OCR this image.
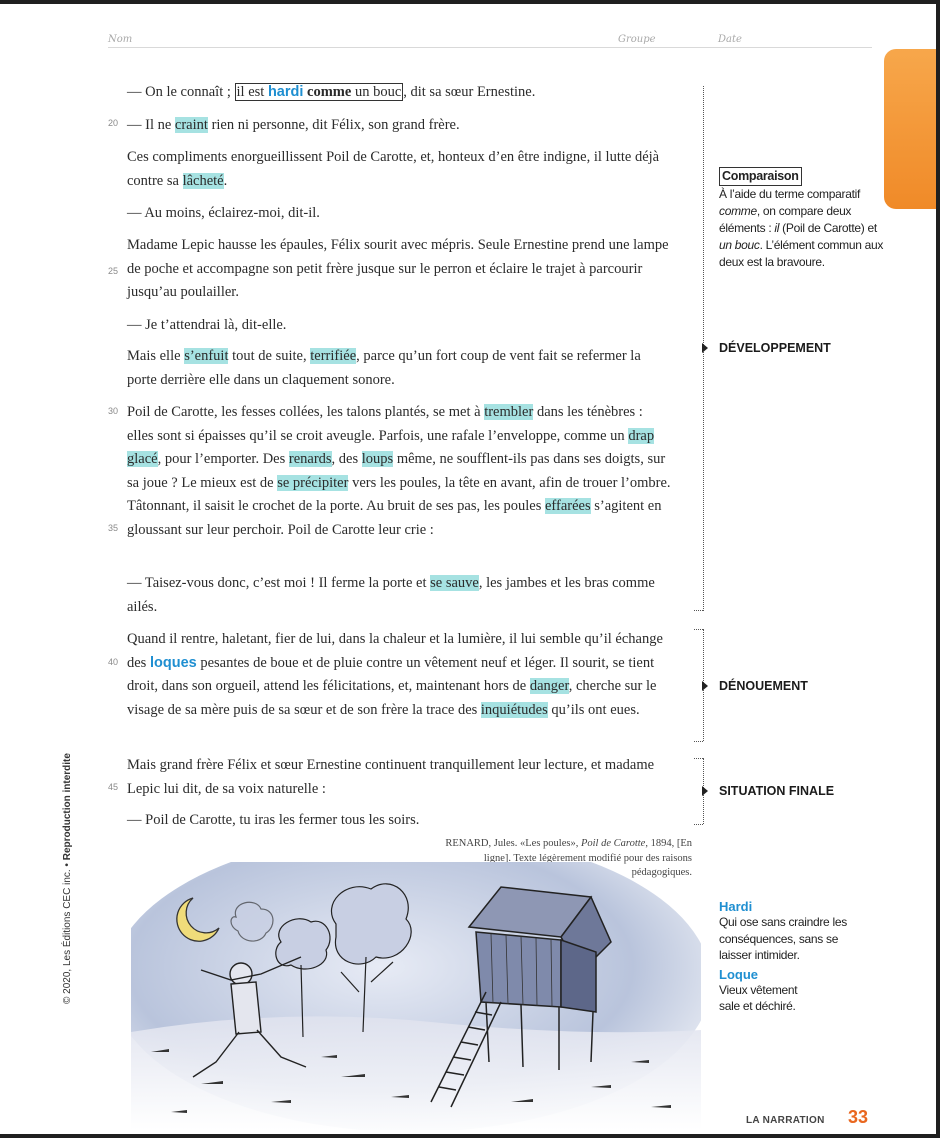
Nom	Groupe	Date
20
25
30
35
40
45

— On le connaît ; il est hardi comme un bouc , dit sa sœur Ernestine.

— Il ne craint rien ni personne, dit Félix, son grand frère.

Ces compliments enorgueillissent Poil de Carotte, et, honteux d’en être indigne, il lutte déjà contre sa lâcheté.

— Au moins, éclairez-moi, dit-il.

Madame Lepic hausse les épaules, Félix sourit avec mépris. Seule Ernestine prend une lampe de poche et accompagne son petit frère jusque sur le perron et éclaire le trajet à parcourir jusqu’au poulailler.

— Je t’attendrai là, dit-elle.

Mais elle s’enfuit tout de suite, terrifiée, parce qu’un fort coup de vent fait se refermer la porte derrière elle dans un claquement sonore.

Poil de Carotte, les fesses collées, les talons plantés, se met à trembler dans les ténèbres : elles sont si épaisses qu’il se croit aveugle. Parfois, une rafale l’enveloppe, comme un drap glacé, pour l’emporter. Des renards, des loups même, ne soufflent-ils pas dans ses doigts, sur sa joue ? Le mieux est de se précipiter vers les poules, la tête en avant, afin de trouer l’ombre. Tâtonnant, il saisit le crochet de la porte. Au bruit de ses pas, les poules effarées s’agitent en gloussant sur leur perchoir. Poil de Carotte leur crie :

— Taisez-vous donc, c’est moi ! Il ferme la porte et se sauve, les jambes et les bras comme ailés.

Quand il rentre, haletant, fier de lui, dans la chaleur et la lumière, il lui semble qu’il échange des loques pesantes de boue et de pluie contre un vêtement neuf et léger. Il sourit, se tient droit, dans son orgueil, attend les félicitations, et, maintenant hors de danger, cherche sur le visage de sa mère puis de sa sœur et de son frère la trace des inquiétudes qu’ils ont eues.

Mais grand frère Félix et sœur Ernestine continuent tranquillement leur lecture, et madame Lepic lui dit, de sa voix naturelle :

— Poil de Carotte, tu iras les fermer tous les soirs.

DÉVELOPPEMENT
DÉNOUEMENT
SITUATION FINALE
Comparaison
À l’aide du terme comparatif comme, on compare deux éléments : il (Poil de Carotte) et un bouc. L’élément commun aux deux est la bravoure.
RENARD, Jules. «Les poules», Poil de Carotte, 1894, [En ligne]. Texte légèrement modifié pour des raisons pédagogiques.
Hardi
Qui ose sans craindre les conséquences, sans se laisser intimider.
Loque
Vieux vêtement sale et déchiré.
© 2020, Les Éditions CEC inc. • Reproduction interdite
LA NARRATION 33
